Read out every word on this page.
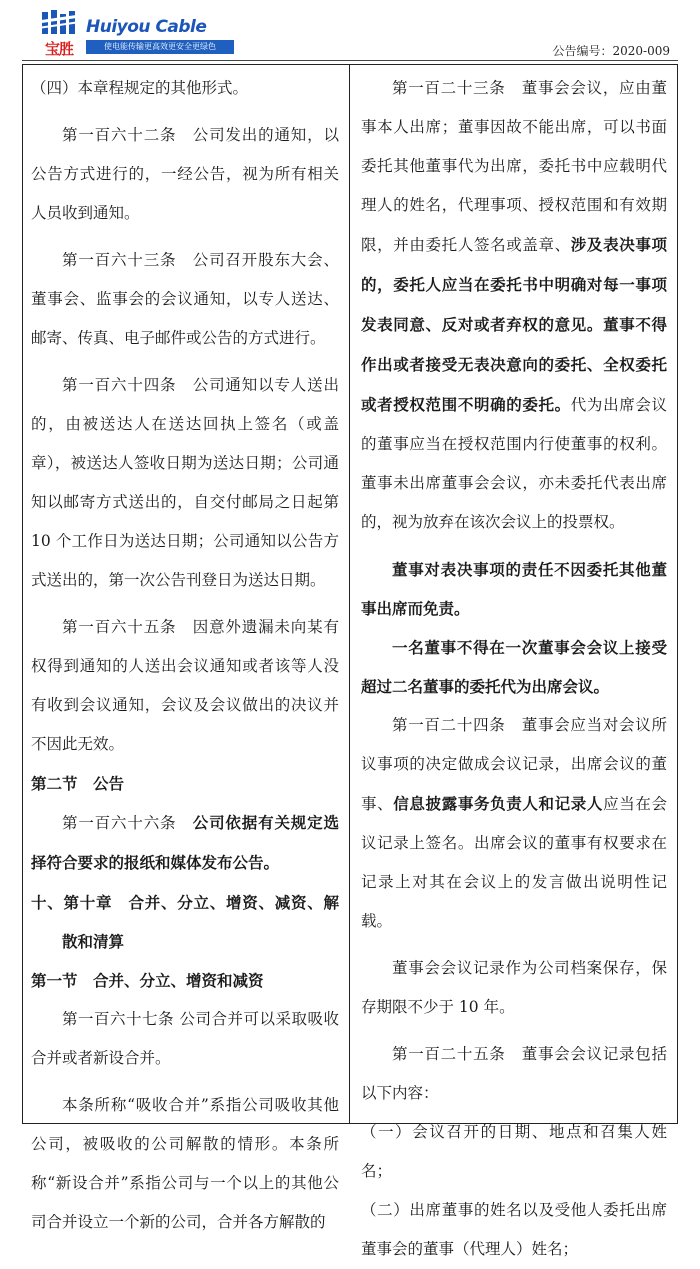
宝胜
Huiyou Cable
使电能传输更高效更安全更绿色	公告编号：2020-009

（四）本章程规定的其他形式。

第一百六十二条　公司发出的通知，以公告方式进行的，一经公告，视为所有相关人员收到通知。

第一百六十三条　公司召开股东大会、董事会、监事会的会议通知，以专人送达、邮寄、传真、电子邮件或公告的方式进行。

第一百六十四条　公司通知以专人送出的，由被送达人在送达回执上签名（或盖章），被送达人签收日期为送达日期；公司通知以邮寄方式送出的，自交付邮局之日起第 10 个工作日为送达日期；公司通知以公告方式送出的，第一次公告刊登日为送达日期。

第一百六十五条　因意外遗漏未向某有权得到通知的人送出会议通知或者该等人没有收到会议通知，会议及会议做出的决议并不因此无效。

第二节　公告

第一百六十六条　公司依据有关规定选择符合要求的报纸和媒体发布公告。

十、第十章　合并、分立、增资、减资、解散和清算

第一节　合并、分立、增资和减资

第一百六十七条 公司合并可以采取吸收合并或者新设合并。

本条所称“吸收合并”系指公司吸收其他公司，被吸收的公司解散的情形。本条所称“新设合并”系指公司与一个以上的其他公司合并设立一个新的公司，合并各方解散的

第一百二十三条　董事会会议，应由董事本人出席；董事因故不能出席，可以书面委托其他董事代为出席，委托书中应载明代理人的姓名，代理事项、授权范围和有效期限，并由委托人签名或盖章、涉及表决事项的，委托人应当在委托书中明确对每一事项发表同意、反对或者弃权的意见。董事不得作出或者接受无表决意向的委托、全权委托或者授权范围不明确的委托。代为出席会议的董事应当在授权范围内行使董事的权利。董事未出席董事会会议，亦未委托代表出席的，视为放弃在该次会议上的投票权。

董事对表决事项的责任不因委托其他董事出席而免责。

一名董事不得在一次董事会会议上接受超过二名董事的委托代为出席会议。

第一百二十四条　董事会应当对会议所议事项的决定做成会议记录，出席会议的董事、信息披露事务负责人和记录人应当在会议记录上签名。出席会议的董事有权要求在记录上对其在会议上的发言做出说明性记载。

董事会会议记录作为公司档案保存，保存期限不少于 10 年。

第一百二十五条　董事会会议记录包括以下内容：

（一）会议召开的日期、地点和召集人姓名；

（二）出席董事的姓名以及受他人委托出席董事会的董事（代理人）姓名；
